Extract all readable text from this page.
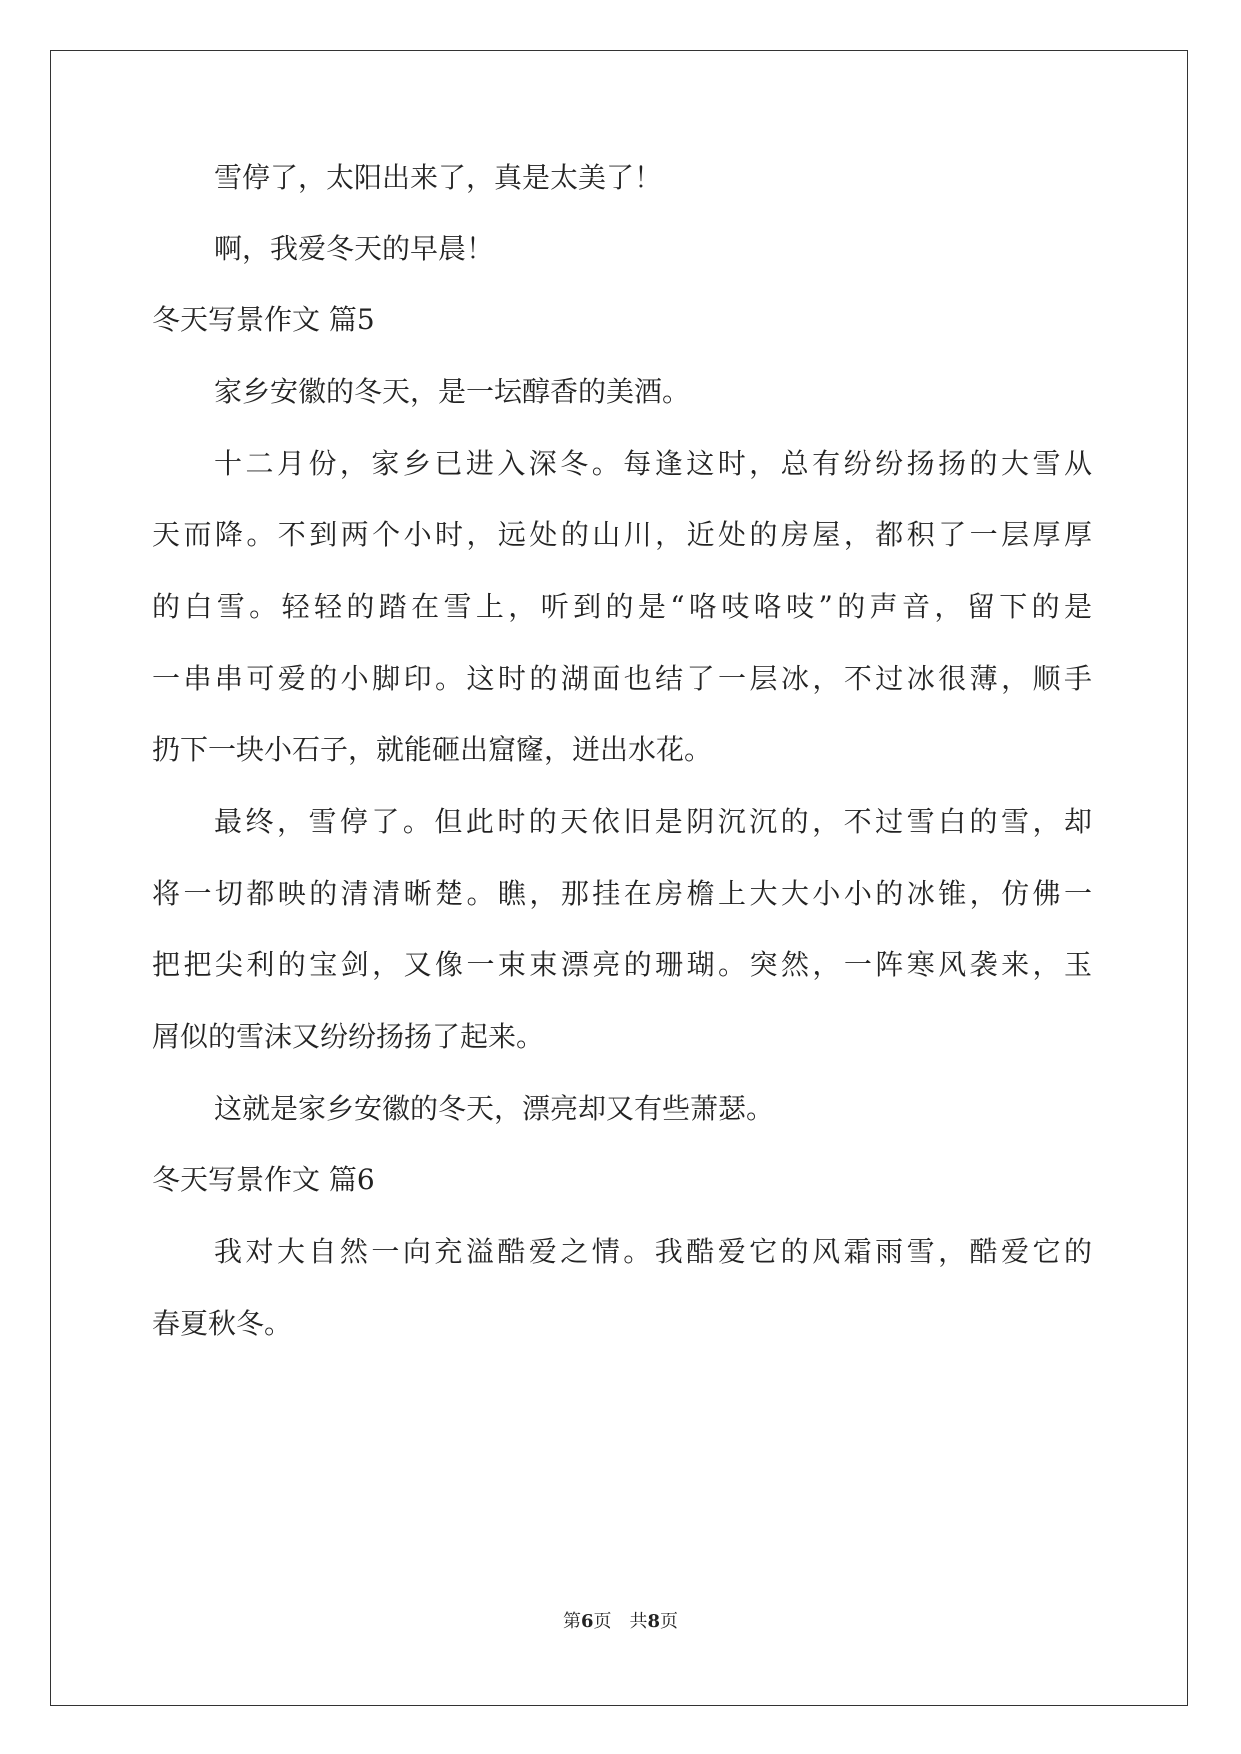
雪停了，太阳出来了，真是太美了！
啊，我爱冬天的早晨！
冬天写景作文 篇5
家乡安徽的冬天，是一坛醇香的美酒。
十二月份，家乡已进入深冬。每逢这时，总有纷纷扬扬的大雪从
天而降。不到两个小时，远处的山川，近处的房屋，都积了一层厚厚
的白雪。轻轻的踏在雪上，听到的是“咯吱咯吱”的声音，留下的是
一串串可爱的小脚印。这时的湖面也结了一层冰，不过冰很薄，顺手
扔下一块小石子，就能砸出窟窿，迸出水花。
最终，雪停了。但此时的天依旧是阴沉沉的，不过雪白的雪，却
将一切都映的清清晰楚。瞧，那挂在房檐上大大小小的冰锥，仿佛一
把把尖利的宝剑，又像一束束漂亮的珊瑚。突然，一阵寒风袭来，玉
屑似的雪沫又纷纷扬扬了起来。
这就是家乡安徽的冬天，漂亮却又有些萧瑟。
冬天写景作文 篇6
我对大自然一向充溢酷爱之情。我酷爱它的风霜雨雪，酷爱它的
春夏秋冬。
第6页　共8页
